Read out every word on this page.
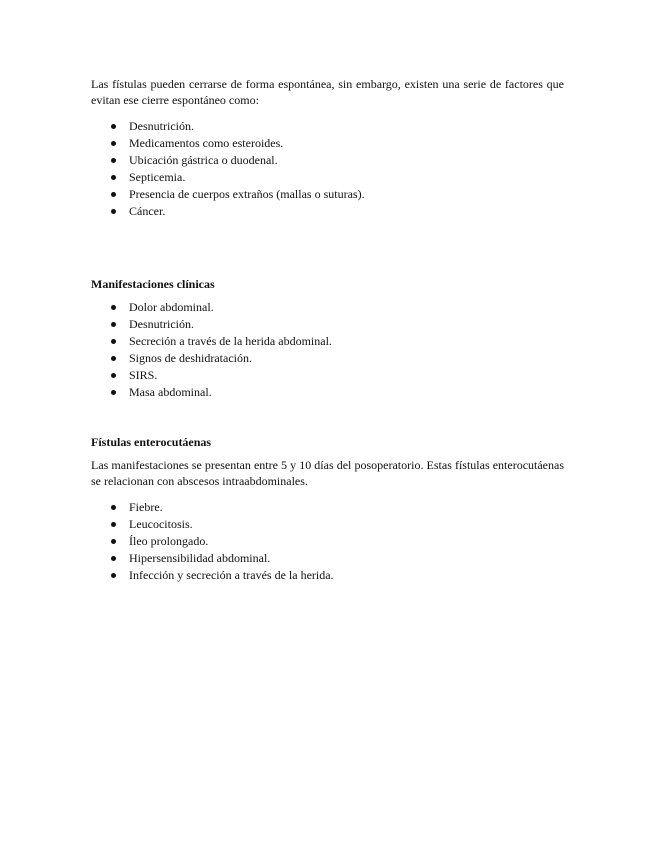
Las fístulas pueden cerrarse de forma espontánea, sin embargo, existen una serie de factores que evitan ese cierre espontáneo como:

Desnutrición.
Medicamentos como esteroides.
Ubicación gástrica o duodenal.
Septicemia.
Presencia de cuerpos extraños (mallas o suturas).
Cáncer.
Manifestaciones clínicas
Dolor abdominal.
Desnutrición.
Secreción a través de la herida abdominal.
Signos de deshidratación.
SIRS.
Masa abdominal.
Fístulas enterocutáenas

Las manifestaciones se presentan entre 5 y 10 días del posoperatorio. Estas fístulas enterocutáenas se relacionan con abscesos intraabdominales.

Fiebre.
Leucocitosis.
Íleo prolongado.
Hipersensibilidad abdominal.
Infección y secreción a través de la herida.
